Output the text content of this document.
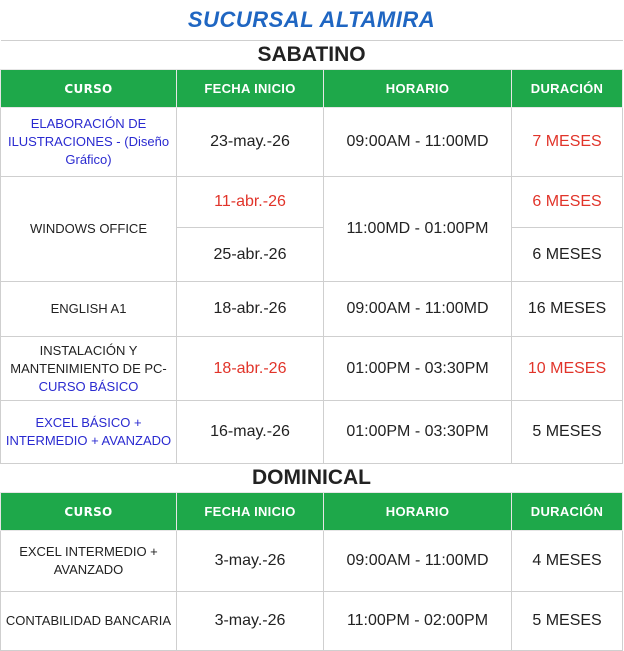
SUCURSAL ALTAMIRA			
SABATINO			
CURSO	FECHA INICIO	HORARIO	DURACIÓN
ELABORACIÓN DE ILUSTRACIONES - (Diseño Gráfico)	23-may.-26	09:00AM - 11:00MD	7 MESES
WINDOWS OFFICE	11-abr.-26	11:00MD - 01:00PM	6 MESES
	25-abr.-26		6 MESES
ENGLISH A1	18-abr.-26	09:00AM - 11:00MD	16 MESES
INSTALACIÓN Y MANTENIMIENTO DE PC-
CURSO BÁSICO	18-abr.-26	01:00PM - 03:30PM	10 MESES
EXCEL BÁSICO + INTERMEDIO + AVANZADO	16-may.-26	01:00PM - 03:30PM	5 MESES
DOMINICAL			
CURSO	FECHA INICIO	HORARIO	DURACIÓN
EXCEL INTERMEDIO + AVANZADO	3-may.-26	09:00AM - 11:00MD	4 MESES
CONTABILIDAD BANCARIA	3-may.-26	11:00PM - 02:00PM	5 MESES
